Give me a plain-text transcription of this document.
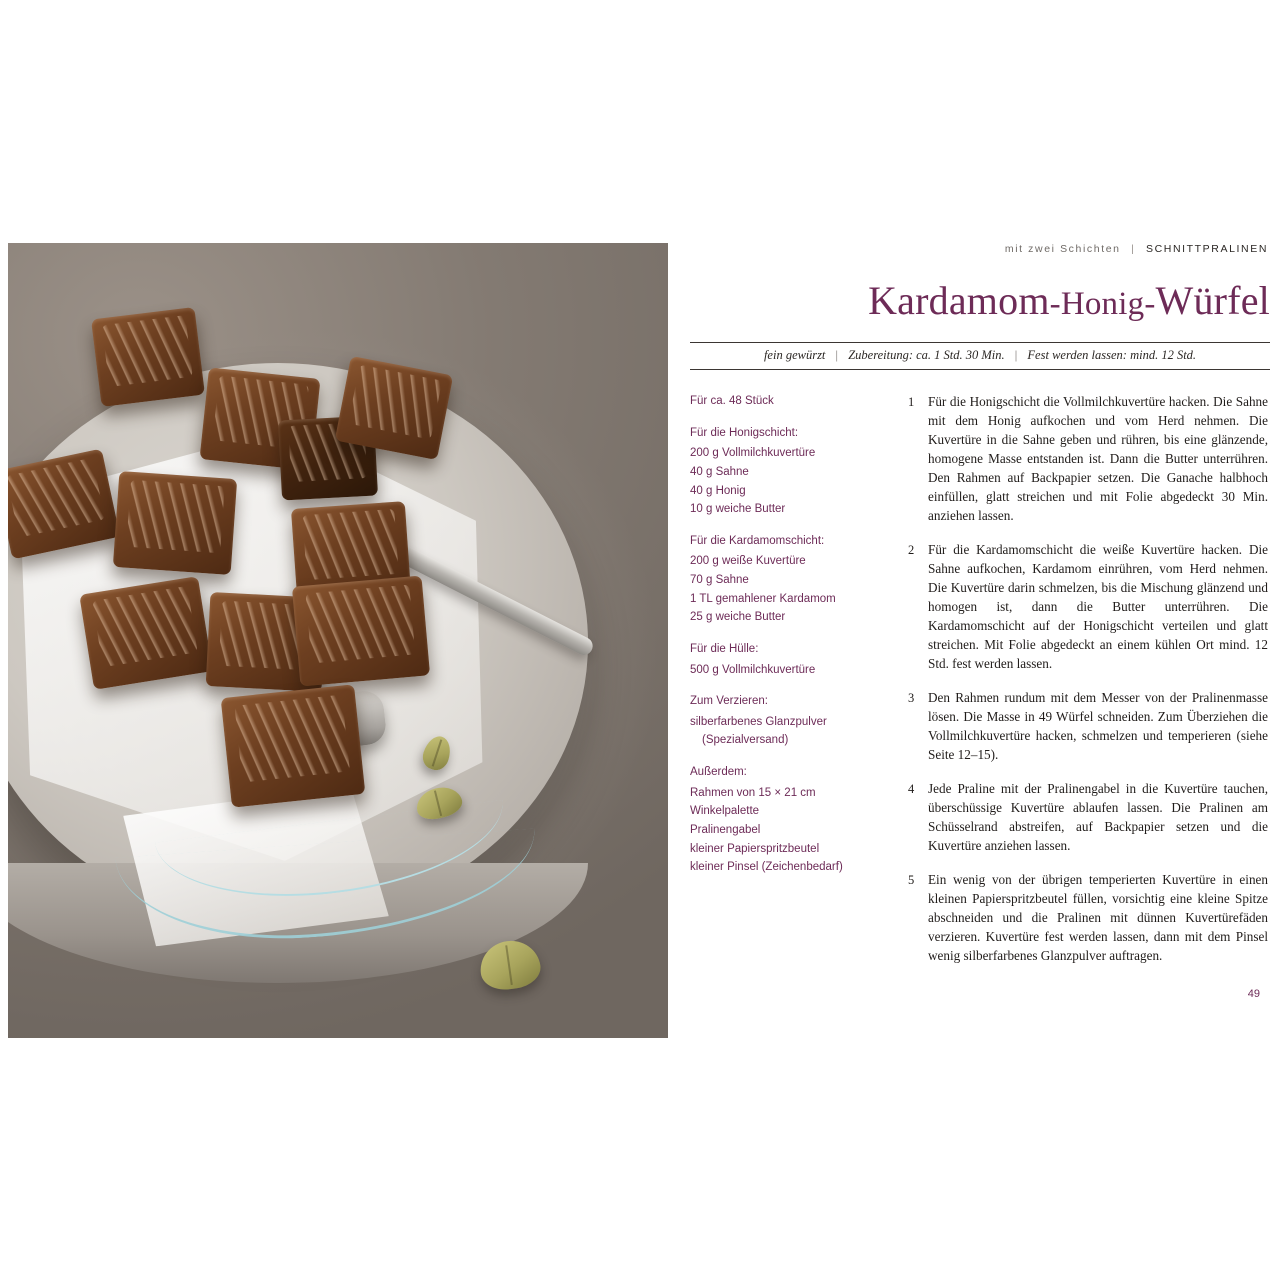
mit zwei Schichten | SCHNITTPRALINEN
Kardamom-Honig-Würfel
fein gewürzt | Zubereitung: ca. 1 Std. 30 Min. | Fest werden lassen: mind. 12 Std.
Für ca. 48 Stück
Für die Honigschicht:
200 g Vollmilchkuvertüre
40 g Sahne
40 g Honig
10 g weiche Butter
Für die Kardamomschicht:
200 g weiße Kuvertüre
70 g Sahne
1 TL gemahlener Kardamom
25 g weiche Butter
Für die Hülle:
500 g Vollmilchkuvertüre
Zum Verzieren:
silberfarbenes Glanzpulver
(Spezialversand)
Außerdem:
Rahmen von 15 × 21 cm
Winkelpalette
Pralinengabel
kleiner Papierspritzbeutel
kleiner Pinsel (Zeichenbedarf)
1	Für die Honigschicht die Vollmilchkuvertüre hacken. Die Sahne mit dem Honig aufkochen und vom Herd nehmen. Die Kuvertüre in die Sahne geben und rühren, bis eine glänzende, homogene Masse entstanden ist. Dann die Butter unterrühren. Den Rahmen auf Backpapier setzen. Die Ganache halbhoch einfüllen, glatt streichen und mit Folie abgedeckt 30 Min. anziehen lassen.
2	Für die Kardamomschicht die weiße Kuvertüre hacken. Die Sahne aufkochen, Kardamom einrühren, vom Herd nehmen. Die Kuvertüre darin schmelzen, bis die Mischung glänzend und homogen ist, dann die Butter unterrühren. Die Kardamomschicht auf der Honigschicht verteilen und glatt streichen. Mit Folie abgedeckt an einem kühlen Ort mind. 12 Std. fest werden lassen.
3	Den Rahmen rundum mit dem Messer von der Pralinenmasse lösen. Die Masse in 49 Würfel schneiden. Zum Überziehen die Vollmilchkuvertüre hacken, schmelzen und temperieren (siehe Seite 12–15).
4	Jede Praline mit der Pralinengabel in die Kuvertüre tauchen, überschüssige Kuvertüre ablaufen lassen. Die Pralinen am Schüsselrand abstreifen, auf Backpapier setzen und die Kuvertüre anziehen lassen.
5	Ein wenig von der übrigen temperierten Kuvertüre in einen kleinen Papierspritzbeutel füllen, vorsichtig eine kleine Spitze abschneiden und die Pralinen mit dünnen Kuvertürefäden verzieren. Kuvertüre fest werden lassen, dann mit dem Pinsel wenig silberfarbenes Glanzpulver auftragen.
49
